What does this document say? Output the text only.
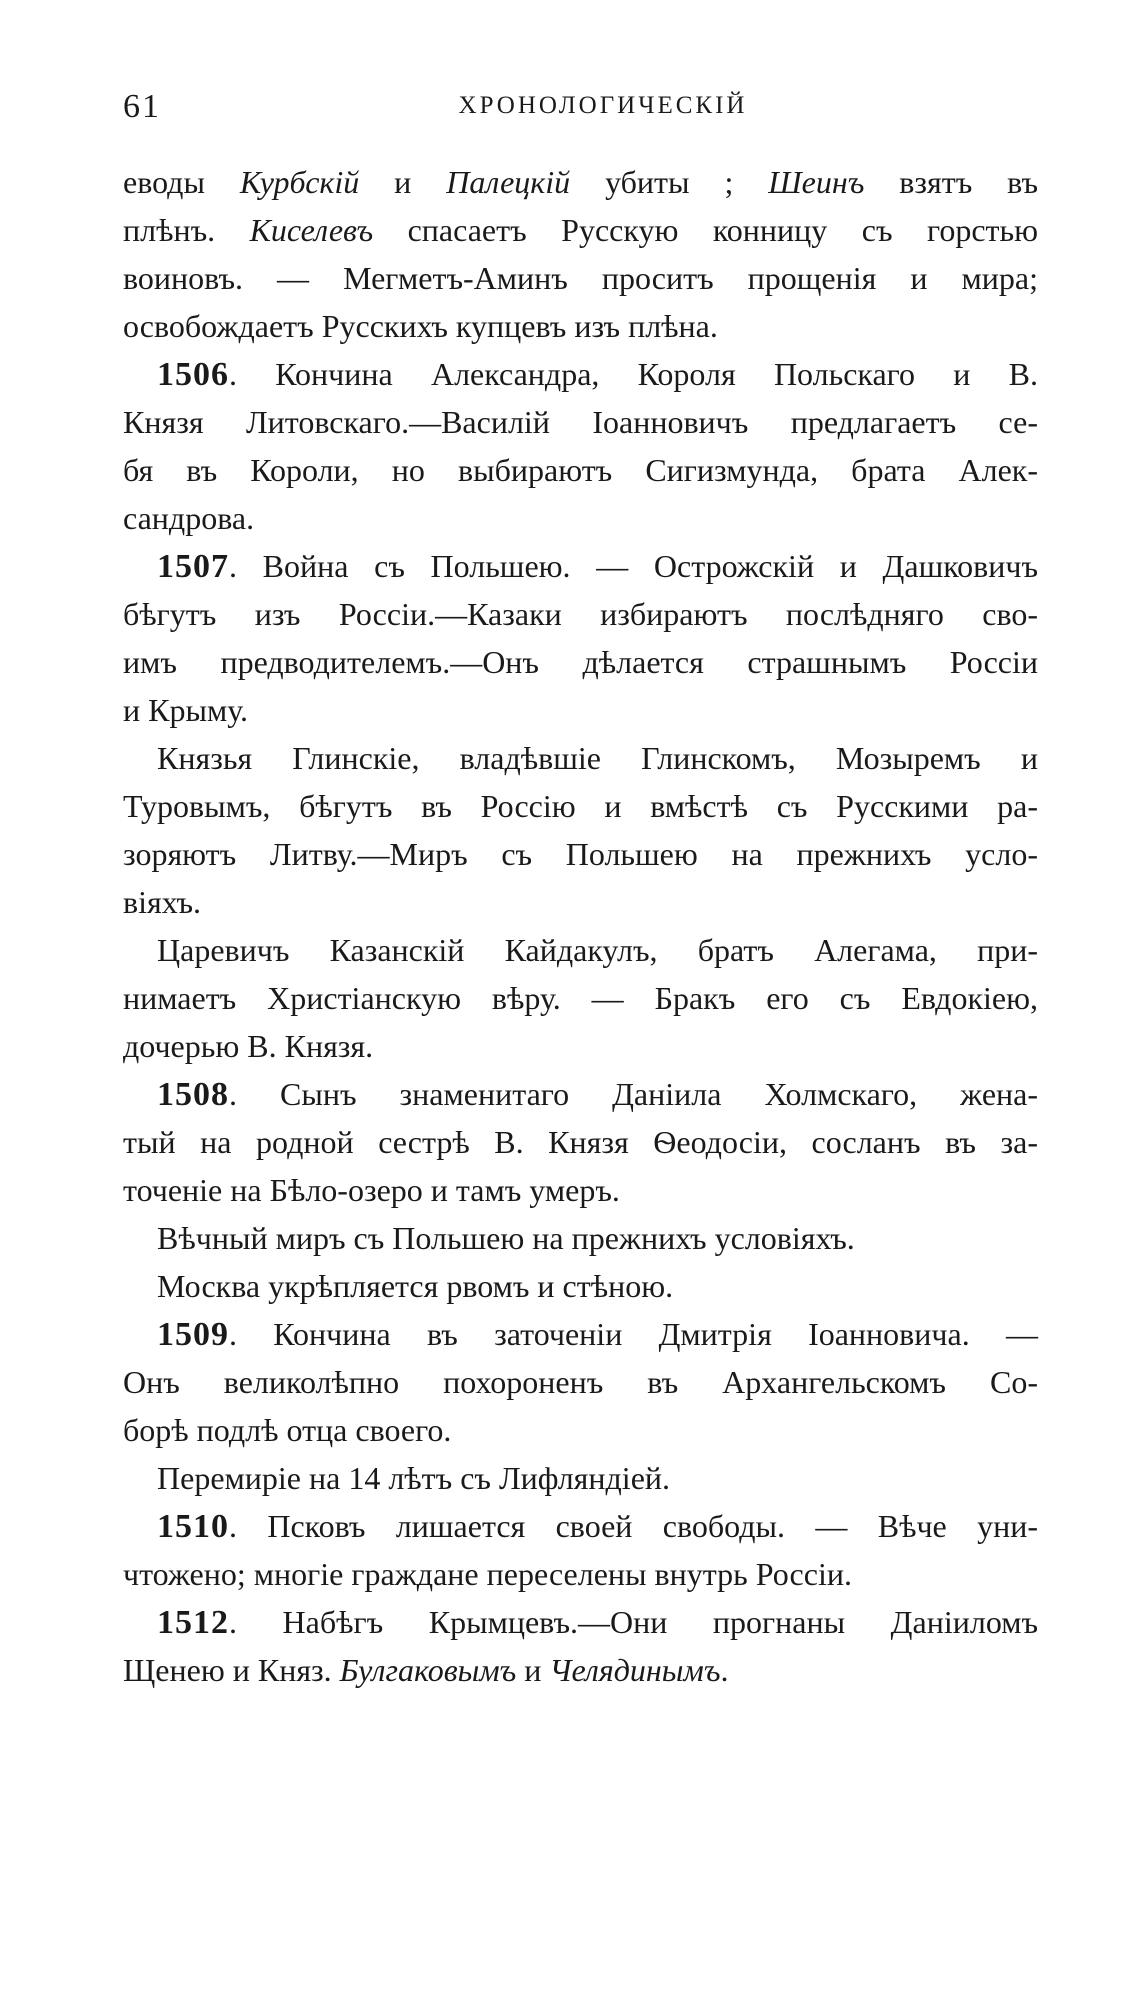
61	ХРОНОЛОГИЧЕСКІЙ
еводы Курбскій и Палецкій убиты ; Шеинъ взятъ въ
плѣнъ. Киселевъ спасаетъ Русскую конницу съ горстью
воиновъ. — Мегметъ-Аминъ проситъ прощенія и мира;
освобождаетъ Русскихъ купцевъ изъ плѣна.
1506. Кончина Александра, Короля Польскаго и В.
Князя Литовскаго.—Василій Іоанновичъ предлагаетъ се-
бя въ Короли, но выбираютъ Сигизмунда, брата Алек-
сандрова.
1507. Война съ Польшею. — Острожскій и Дашковичъ
бѣгутъ изъ Россіи.—Казаки избираютъ послѣдняго сво-
имъ предводителемъ.—Онъ дѣлается страшнымъ Россіи
и Крыму.
Князья Глинскіе, владѣвшіе Глинскомъ, Мозыремъ и
Туровымъ, бѣгутъ въ Россію и вмѣстѣ съ Русскими ра-
зоряютъ Литву.—Миръ съ Польшею на прежнихъ усло-
віяхъ.
Царевичъ Казанскій Кайдакулъ, братъ Алегама, при-
нимаетъ Христіанскую вѣру. — Бракъ его съ Евдокіею,
дочерью В. Князя.
1508. Сынъ знаменитаго Даніила Холмскаго, жена-
тый на родной сестрѣ В. Князя Ѳеодосіи, сосланъ въ за-
точеніе на Бѣло-озеро и тамъ умеръ.
Вѣчный миръ съ Польшею на прежнихъ условіяхъ.
Москва укрѣпляется рвомъ и стѣною.
1509. Кончина въ заточеніи Дмитрія Іоанновича. —
Онъ великолѣпно похороненъ въ Архангельскомъ Со-
борѣ подлѣ отца своего.
Перемиріе на 14 лѣтъ съ Лифляндіей.
1510. Псковъ лишается своей свободы. — Вѣче уни-
чтожено; многіе граждане переселены внутрь Россіи.
1512. Набѣгъ Крымцевъ.—Они прогнаны Даніиломъ
Щенею и Княз. Булгаковымъ и Челядинымъ.
